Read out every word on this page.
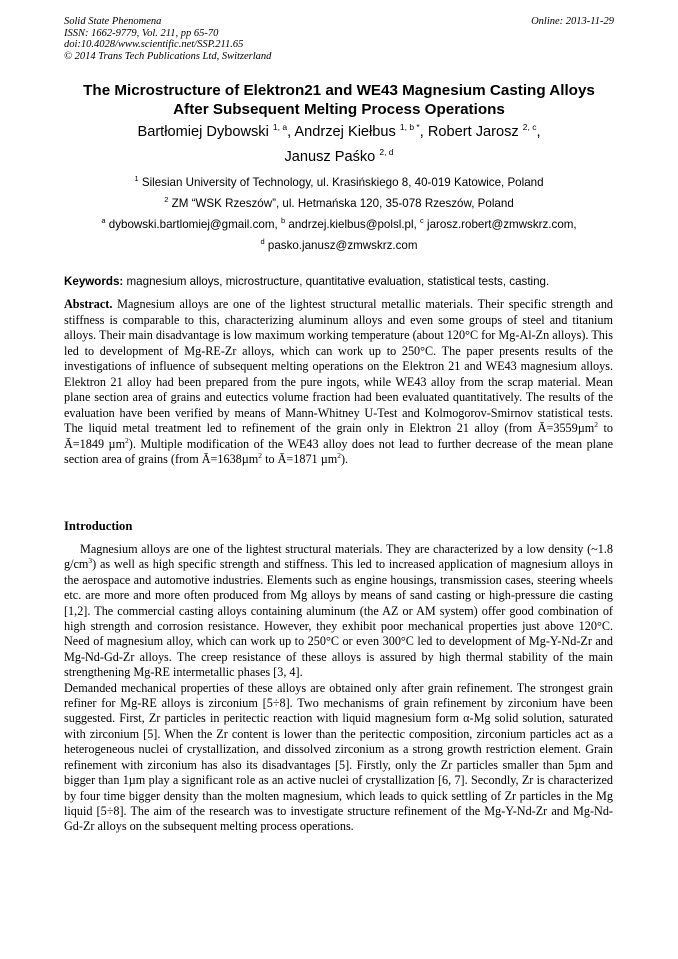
Solid State Phenomena
ISSN: 1662-9779, Vol. 211, pp 65-70
doi:10.4028/www.scientific.net/SSP.211.65
© 2014 Trans Tech Publications Ltd, Switzerland
Online: 2013-11-29
The Microstructure of Elektron21 and WE43 Magnesium Casting Alloys
After Subsequent Melting Process Operations
Bartłomiej Dybowski $^{1, a}$, Andrzej Kiełbus $^{1, b *}$, Robert Jarosz $^{2, c}$,
Janusz Paśko $^{2, d}$
$^1$ Silesian University of Technology, ul. Krasińskiego 8, 40-019 Katowice, Poland
$^2$ ZM “WSK Rzeszów”, ul. Hetmańska 120, 35-078 Rzeszów, Poland
$^a$ dybowski.bartlomiej@gmail.com, $^b$ andrzej.kielbus@polsl.pl, $^c$ jarosz.robert@zmwskrz.com,
$^d$ pasko.janusz@zmwskrz.com
Keywords: magnesium alloys, microstructure, quantitative evaluation, statistical tests, casting.
Abstract. Magnesium alloys are one of the lightest structural metallic materials. Their specific strength and stiffness is comparable to this, characterizing aluminum alloys and even some groups of steel and titanium alloys. Their main disadvantage is low maximum working temperature (about 120°C for Mg-Al-Zn alloys). This led to development of Mg-RE-Zr alloys, which can work up to 250°C. The paper presents results of the investigations of influence of subsequent melting operations on the Elektron 21 and WE43 magnesium alloys. Elektron 21 alloy had been prepared from the pure ingots, while WE43 alloy from the scrap material. Mean plane section area of grains and eutectics volume fraction had been evaluated quantitatively. The results of the evaluation have been verified by means of Mann-Whitney U-Test and Kolmogorov-Smirnov statistical tests. The liquid metal treatment led to refinement of the grain only in Elektron 21 alloy (from Ā=3559µm$^2$ to Ā=1849 µm$^2$). Multiple modification of the WE43 alloy does not lead to further decrease of the mean plane section area of grains (from Ā=1638µm$^2$ to Ā=1871 µm$^2$).
Introduction

Magnesium alloys are one of the lightest structural materials. They are characterized by a low density (~1.8 $g/cm^3$) as well as high specific strength and stiffness. This led to increased application of magnesium alloys in the aerospace and automotive industries. Elements such as engine housings, transmission cases, steering wheels etc. are more and more often produced from Mg alloys by means of sand casting or high-pressure die casting [1,2]. The commercial casting alloys containing aluminum (the AZ or AM system) offer good combination of high strength and corrosion resistance. However, they exhibit poor mechanical properties just above 120°C. Need of magnesium alloy, which can work up to 250°C or even 300°C led to development of Mg-Y-Nd-Zr and Mg-Nd-Gd-Zr alloys. The creep resistance of these alloys is assured by high thermal stability of the main strengthening Mg-RE intermetallic phases [3, 4].

Demanded mechanical properties of these alloys are obtained only after grain refinement. The strongest grain refiner for Mg-RE alloys is zirconium [5÷8]. Two mechanisms of grain refinement by zirconium have been suggested. First, Zr particles in peritectic reaction with liquid magnesium form α-Mg solid solution, saturated with zirconium [5]. When the Zr content is lower than the peritectic composition, zirconium particles act as a heterogeneous nuclei of crystallization, and dissolved zirconium as a strong growth restriction element. Grain refinement with zirconium has also its disadvantages [5]. Firstly, only the Zr particles smaller than 5µm and bigger than 1µm play a significant role as an active nuclei of crystallization [6, 7]. Secondly, Zr is characterized by four time bigger density than the molten magnesium, which leads to quick settling of Zr particles in the Mg liquid [5÷8]. The aim of the research was to investigate structure refinement of the Mg-Y-Nd-Zr and Mg-Nd-Gd-Zr alloys on the subsequent melting process operations.
